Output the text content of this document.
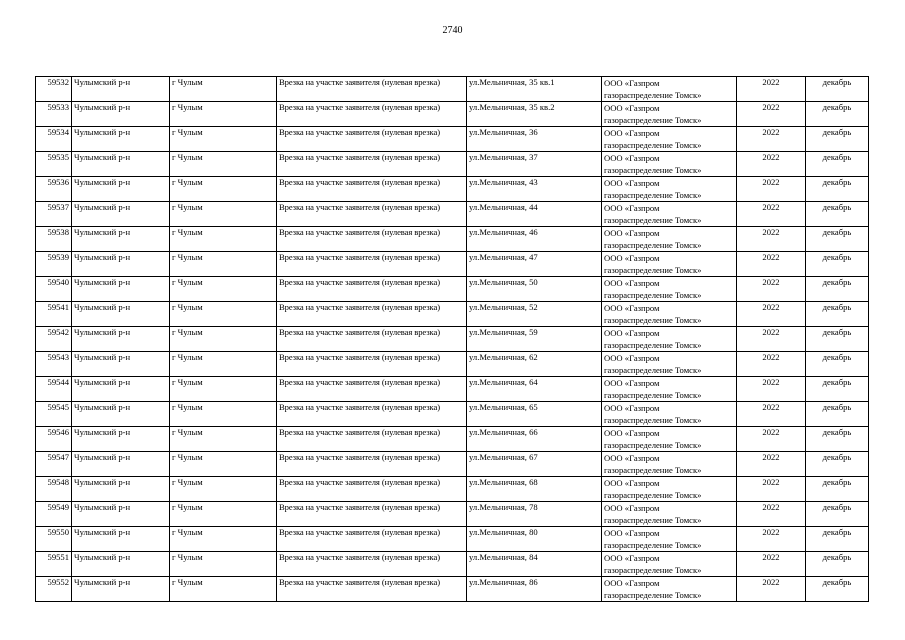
2740
59532	Чулымский р-н	г Чулым	Врезка на участке заявителя (нулевая врезка)	ул.Мельничная, 35 кв.1	ООО «Газпром
газораспределение Томск»	2022	декабрь
59533	Чулымский р-н	г Чулым	Врезка на участке заявителя (нулевая врезка)	ул.Мельничная, 35 кв.2	ООО «Газпром
газораспределение Томск»	2022	декабрь
59534	Чулымский р-н	г Чулым	Врезка на участке заявителя (нулевая врезка)	ул.Мельничная, 36	ООО «Газпром
газораспределение Томск»	2022	декабрь
59535	Чулымский р-н	г Чулым	Врезка на участке заявителя (нулевая врезка)	ул.Мельничная, 37	ООО «Газпром
газораспределение Томск»	2022	декабрь
59536	Чулымский р-н	г Чулым	Врезка на участке заявителя (нулевая врезка)	ул.Мельничная, 43	ООО «Газпром
газораспределение Томск»	2022	декабрь
59537	Чулымский р-н	г Чулым	Врезка на участке заявителя (нулевая врезка)	ул.Мельничная, 44	ООО «Газпром
газораспределение Томск»	2022	декабрь
59538	Чулымский р-н	г Чулым	Врезка на участке заявителя (нулевая врезка)	ул.Мельничная, 46	ООО «Газпром
газораспределение Томск»	2022	декабрь
59539	Чулымский р-н	г Чулым	Врезка на участке заявителя (нулевая врезка)	ул.Мельничная, 47	ООО «Газпром
газораспределение Томск»	2022	декабрь
59540	Чулымский р-н	г Чулым	Врезка на участке заявителя (нулевая врезка)	ул.Мельничная, 50	ООО «Газпром
газораспределение Томск»	2022	декабрь
59541	Чулымский р-н	г Чулым	Врезка на участке заявителя (нулевая врезка)	ул.Мельничная, 52	ООО «Газпром
газораспределение Томск»	2022	декабрь
59542	Чулымский р-н	г Чулым	Врезка на участке заявителя (нулевая врезка)	ул.Мельничная, 59	ООО «Газпром
газораспределение Томск»	2022	декабрь
59543	Чулымский р-н	г Чулым	Врезка на участке заявителя (нулевая врезка)	ул.Мельничная, 62	ООО «Газпром
газораспределение Томск»	2022	декабрь
59544	Чулымский р-н	г Чулым	Врезка на участке заявителя (нулевая врезка)	ул.Мельничная, 64	ООО «Газпром
газораспределение Томск»	2022	декабрь
59545	Чулымский р-н	г Чулым	Врезка на участке заявителя (нулевая врезка)	ул.Мельничная, 65	ООО «Газпром
газораспределение Томск»	2022	декабрь
59546	Чулымский р-н	г Чулым	Врезка на участке заявителя (нулевая врезка)	ул.Мельничная, 66	ООО «Газпром
газораспределение Томск»	2022	декабрь
59547	Чулымский р-н	г Чулым	Врезка на участке заявителя (нулевая врезка)	ул.Мельничная, 67	ООО «Газпром
газораспределение Томск»	2022	декабрь
59548	Чулымский р-н	г Чулым	Врезка на участке заявителя (нулевая врезка)	ул.Мельничная, 68	ООО «Газпром
газораспределение Томск»	2022	декабрь
59549	Чулымский р-н	г Чулым	Врезка на участке заявителя (нулевая врезка)	ул.Мельничная, 78	ООО «Газпром
газораспределение Томск»	2022	декабрь
59550	Чулымский р-н	г Чулым	Врезка на участке заявителя (нулевая врезка)	ул.Мельничная, 80	ООО «Газпром
газораспределение Томск»	2022	декабрь
59551	Чулымский р-н	г Чулым	Врезка на участке заявителя (нулевая врезка)	ул.Мельничная, 84	ООО «Газпром
газораспределение Томск»	2022	декабрь
59552	Чулымский р-н	г Чулым	Врезка на участке заявителя (нулевая врезка)	ул.Мельничная, 86	ООО «Газпром
газораспределение Томск»	2022	декабрь
